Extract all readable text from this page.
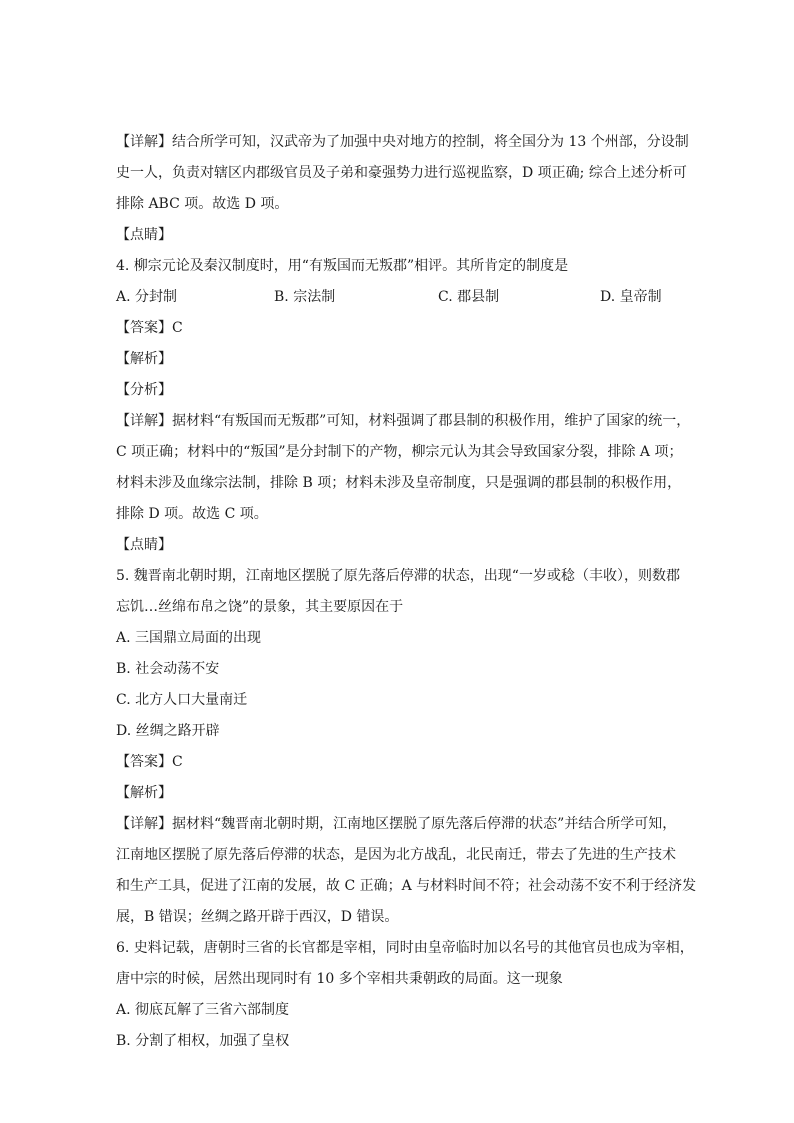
【详解】结合所学可知，汉武帝为了加强中央对地方的控制，将全国分为 13 个州部，分设制
史一人，负责对辖区内郡级官员及子弟和豪强势力进行巡视监察，D 项正确; 综合上述分析可
排除 ABC 项。故选 D 项。
【点睛】
4. 柳宗元论及秦汉制度时，用“有叛国而无叛郡”相评。其所肯定的制度是
A. 分封制	B. 宗法制	C. 郡县制	D. 皇帝制
【答案】C
【解析】
【分析】
【详解】据材料“有叛国而无叛郡”可知，材料强调了郡县制的积极作用，维护了国家的统一，
C 项正确；材料中的“叛国”是分封制下的产物，柳宗元认为其会导致国家分裂，排除 A 项；
材料未涉及血缘宗法制，排除 B 项；材料未涉及皇帝制度，只是强调的郡县制的积极作用，
排除 D 项。故选 C 项。
【点睛】
5. 魏晋南北朝时期，江南地区摆脱了原先落后停滞的状态，出现“一岁或稔（丰收），则数郡
忘饥…丝绵布帛之饶”的景象，其主要原因在于
A. 三国鼎立局面的出现
B. 社会动荡不安
C. 北方人口大量南迁
D. 丝绸之路开辟
【答案】C
【解析】
【详解】据材料“魏晋南北朝时期，江南地区摆脱了原先落后停滞的状态”并结合所学可知，
江南地区摆脱了原先落后停滞的状态，是因为北方战乱，北民南迁，带去了先进的生产技术
和生产工具，促进了江南的发展，故 C 正确；A 与材料时间不符；社会动荡不安不利于经济发
展，B 错误；丝绸之路开辟于西汉，D 错误。
6. 史料记载，唐朝时三省的长官都是宰相，同时由皇帝临时加以名号的其他官员也成为宰相，
唐中宗的时候，居然出现同时有 10 多个宰相共秉朝政的局面。这一现象
A. 彻底瓦解了三省六部制度
B. 分割了相权，加强了皇权
